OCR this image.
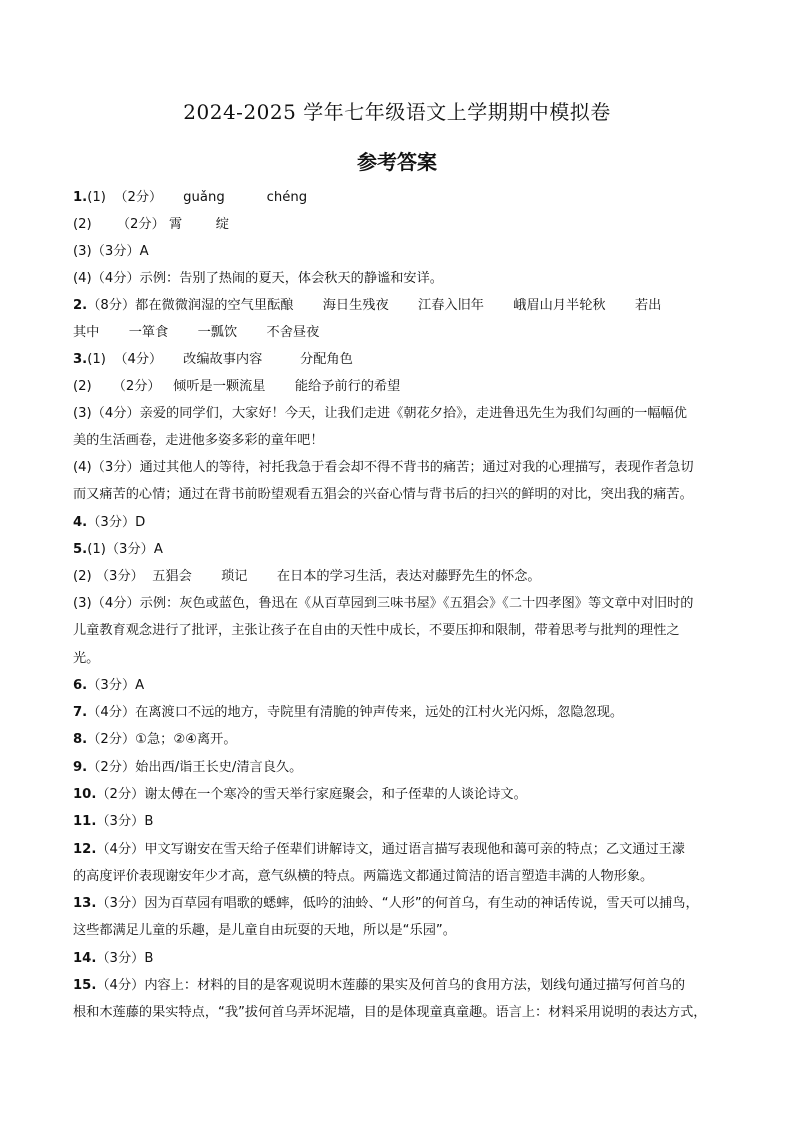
2024-2025 学年七年级语文上学期期中模拟卷
参考答案
1.(1)  （2分）     guǎng          chéng
(2)      （2分） 霄        绽
(3)（3分）A
(4)（4分）示例：告别了热闹的夏天，体会秋天的静谧和安详。
2.（8分）都在微微润湿的空气里酝酿       海日生残夜       江春入旧年       峨眉山月半轮秋       若出
其中       一箪食       一瓢饮       不舍昼夜
3.(1)  （4分）     改编故事内容         分配角色
(2)     （2分）   倾听是一颗流星       能给予前行的希望
(3)（4分）亲爱的同学们，大家好！今天，让我们走进《朝花夕拾》，走进鲁迅先生为我们勾画的一幅幅优
美的生活画卷，走进他多姿多彩的童年吧！
(4)（3分）通过其他人的等待，衬托我急于看会却不得不背书的痛苦；通过对我的心理描写，表现作者急切
而又痛苦的心情；通过在背书前盼望观看五猖会的兴奋心情与背书后的扫兴的鲜明的对比，突出我的痛苦。
4.（3分）D
5.(1)（3分）A
(2) （3分）  五猖会       琐记       在日本的学习生活，表达对藤野先生的怀念。
(3)（4分）示例：灰色或蓝色，鲁迅在《从百草园到三味书屋》《五猖会》《二十四孝图》等文章中对旧时的
儿童教育观念进行了批评，主张让孩子在自由的天性中成长，不要压抑和限制，带着思考与批判的理性之
光。
6.（3分）A
7.（4分）在离渡口不远的地方，寺院里有清脆的钟声传来，远处的江村火光闪烁，忽隐忽现。
8.（2分）①急；②④离开。
9.（2分）始出西/诣王长史/清言良久。
10.（2分）谢太傅在一个寒冷的雪天举行家庭聚会，和子侄辈的人谈论诗文。
11.（3分）B
12.（4分）甲文写谢安在雪天给子侄辈们讲解诗文，通过语言描写表现他和蔼可亲的特点；乙文通过王濛
的高度评价表现谢安年少才高，意气纵横的特点。两篇选文都通过简洁的语言塑造丰满的人物形象。
13.（3分）因为百草园有唱歌的蟋蟀，低吟的油蛉、“人形”的何首乌，有生动的神话传说，雪天可以捕鸟，
这些都满足儿童的乐趣，是儿童自由玩耍的天地，所以是“乐园”。
14.（3分）B
15.（4分）内容上：材料的目的是客观说明木莲藤的果实及何首乌的食用方法，划线句通过描写何首乌的
根和木莲藤的果实特点，“我”拔何首乌弄坏泥墙，目的是体现童真童趣。语言上：材料采用说明的表达方式，
